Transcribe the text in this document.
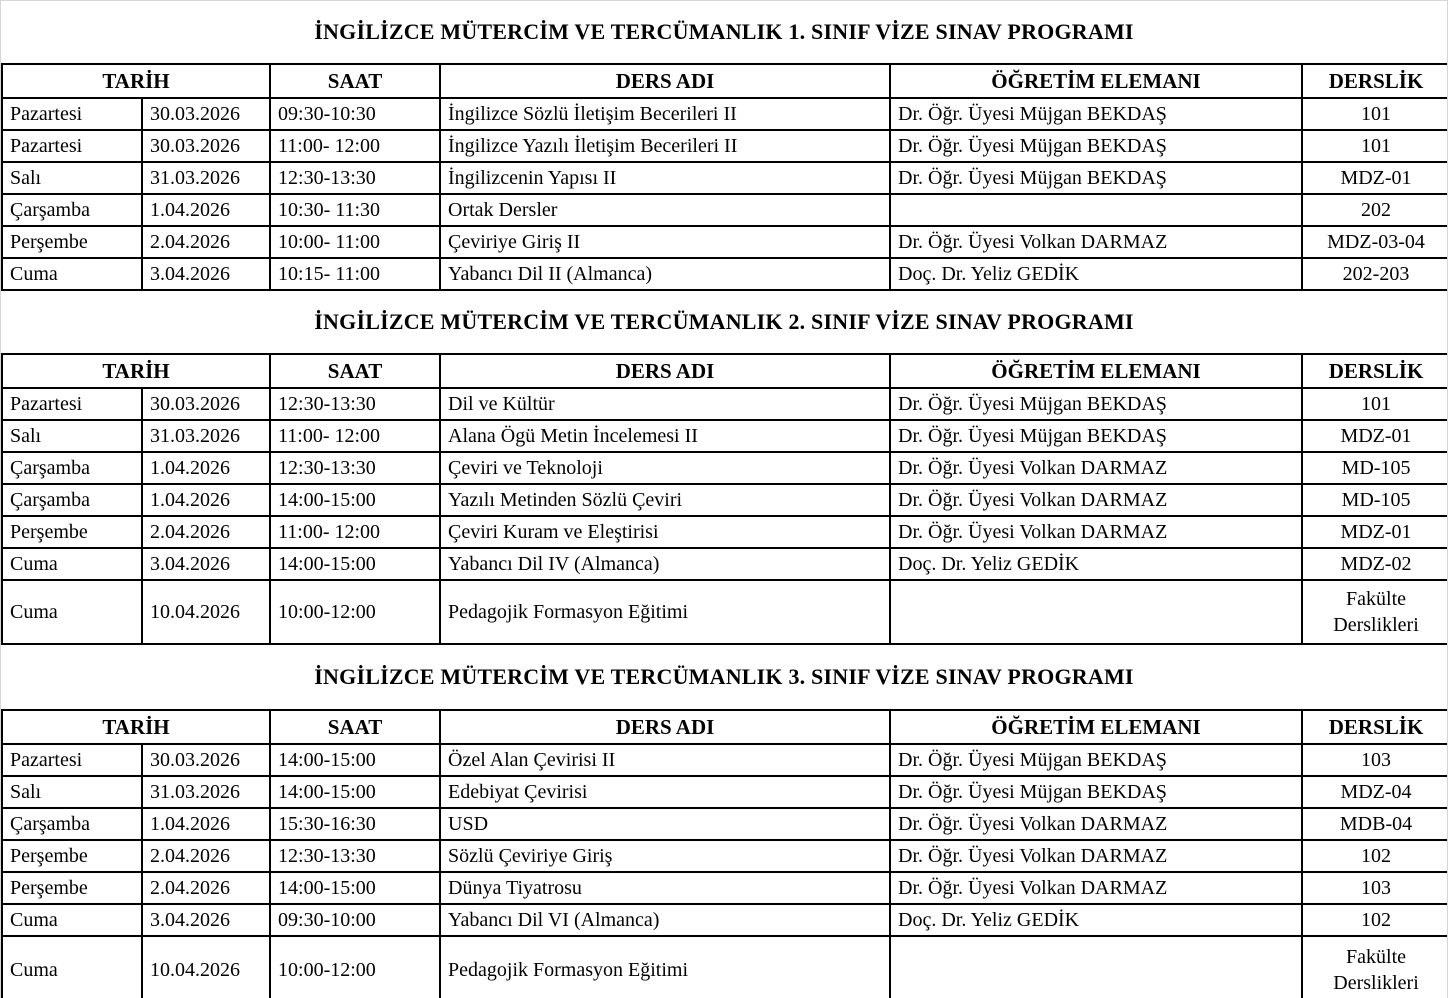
İNGİLİZCE MÜTERCİM VE TERCÜMANLIK 1. SINIF VİZE SINAV PROGRAMI
TARİH		SAAT	DERS ADI	ÖĞRETİM ELEMANI	DERSLİK
Pazartesi	30.03.2026	09:30-10:30	İngilizce Sözlü İletişim Becerileri II	Dr. Öğr. Üyesi Müjgan BEKDAŞ	101
Pazartesi	30.03.2026	11:00- 12:00	İngilizce Yazılı İletişim Becerileri II	Dr. Öğr. Üyesi Müjgan BEKDAŞ	101
Salı	31.03.2026	12:30-13:30	İngilizcenin Yapısı II	Dr. Öğr. Üyesi Müjgan BEKDAŞ	MDZ-01
Çarşamba	1.04.2026	10:30- 11:30	Ortak Dersler		202
Perşembe	2.04.2026	10:00- 11:00	Çeviriye Giriş II	Dr. Öğr. Üyesi Volkan DARMAZ	MDZ-03-04
Cuma	3.04.2026	10:15- 11:00	Yabancı Dil II (Almanca)	Doç. Dr. Yeliz GEDİK	202-203
İNGİLİZCE MÜTERCİM VE TERCÜMANLIK 2. SINIF VİZE SINAV PROGRAMI
TARİH		SAAT	DERS ADI	ÖĞRETİM ELEMANI	DERSLİK
Pazartesi	30.03.2026	12:30-13:30	Dil ve Kültür	Dr. Öğr. Üyesi Müjgan BEKDAŞ	101
Salı	31.03.2026	11:00- 12:00	Alana Ögü Metin İncelemesi II	Dr. Öğr. Üyesi Müjgan BEKDAŞ	MDZ-01
Çarşamba	1.04.2026	12:30-13:30	Çeviri ve Teknoloji	Dr. Öğr. Üyesi Volkan DARMAZ	MD-105
Çarşamba	1.04.2026	14:00-15:00	Yazılı Metinden Sözlü Çeviri	Dr. Öğr. Üyesi Volkan DARMAZ	MD-105
Perşembe	2.04.2026	11:00- 12:00	Çeviri Kuram ve Eleştirisi	Dr. Öğr. Üyesi Volkan DARMAZ	MDZ-01
Cuma	3.04.2026	14:00-15:00	Yabancı Dil IV (Almanca)	Doç. Dr. Yeliz GEDİK	MDZ-02
Cuma	10.04.2026	10:00-12:00	Pedagojik Formasyon Eğitimi		Fakülte Derslikleri
İNGİLİZCE MÜTERCİM VE TERCÜMANLIK 3. SINIF VİZE SINAV PROGRAMI
TARİH		SAAT	DERS ADI	ÖĞRETİM ELEMANI	DERSLİK
Pazartesi	30.03.2026	14:00-15:00	Özel Alan Çevirisi II	Dr. Öğr. Üyesi Müjgan BEKDAŞ	103
Salı	31.03.2026	14:00-15:00	Edebiyat Çevirisi	Dr. Öğr. Üyesi Müjgan BEKDAŞ	MDZ-04
Çarşamba	1.04.2026	15:30-16:30	USD	Dr. Öğr. Üyesi Volkan DARMAZ	MDB-04
Perşembe	2.04.2026	12:30-13:30	Sözlü Çeviriye Giriş	Dr. Öğr. Üyesi Volkan DARMAZ	102
Perşembe	2.04.2026	14:00-15:00	Dünya Tiyatrosu	Dr. Öğr. Üyesi Volkan DARMAZ	103
Cuma	3.04.2026	09:30-10:00	Yabancı Dil VI (Almanca)	Doç. Dr. Yeliz GEDİK	102
Cuma	10.04.2026	10:00-12:00	Pedagojik Formasyon Eğitimi		Fakülte Derslikleri
